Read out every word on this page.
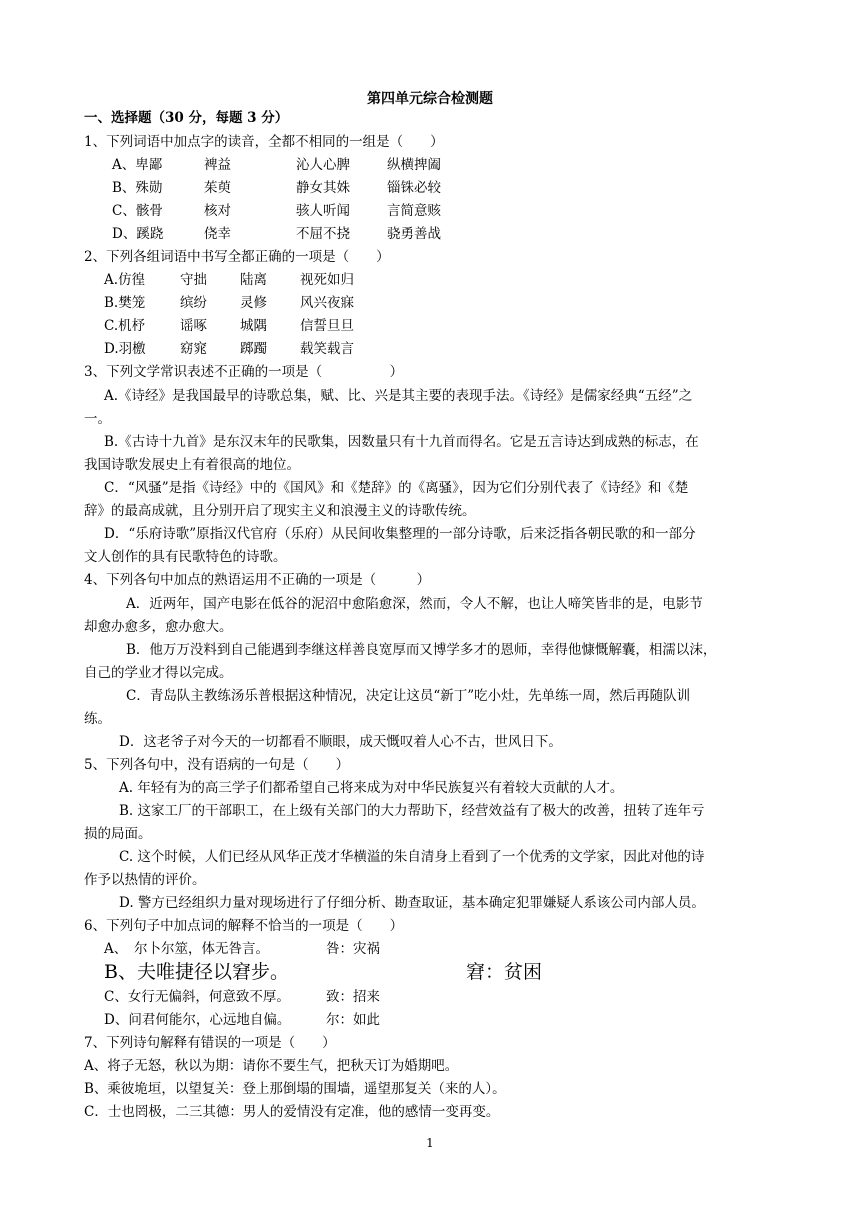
第四单元综合检测题
一、选择题（30 分，每题 3 分）
1、下列词语中加点字的读音，全都不相同的一组是（　　）
A、卑鄙	裨益	沁人心脾	纵横捭阖
B、殊勋	茱萸	静女其姝	锱铢必较
C、骸骨	核对	骇人听闻	言简意赅
D、蹊跷	侥幸	不屈不挠	骁勇善战
2、下列各组词语中书写全都正确的一项是（　　）
A.仿徨	守拙 陆离 视死如归
B.樊笼	缤纷 灵修 风兴夜寐
C.机杼	谣啄 城隅 信誓旦旦
D.羽檄	窈窕 踯躅 载笑载言
3、下列文学常识表述不正确的一项是（　　　　　）
A.《诗经》是我国最早的诗歌总集，赋、比、兴是其主要的表现手法。《诗经》是儒家经典“五经”之
一。
B.《古诗十九首》是东汉末年的民歌集，因数量只有十九首而得名。它是五言诗达到成熟的标志，在
我国诗歌发展史上有着很高的地位。
C．“风骚”是指《诗经》中的《国风》和《楚辞》的《离骚》，因为它们分别代表了《诗经》和《楚
辞》的最高成就，且分别开启了现实主义和浪漫主义的诗歌传统。
D．“乐府诗歌”原指汉代官府（乐府）从民间收集整理的一部分诗歌，后来泛指各朝民歌的和一部分
文人创作的具有民歌特色的诗歌。
4、下列各句中加点的熟语运用不正确的一项是（　　　）
A．近两年，国产电影在低谷的泥沼中愈陷愈深，然而，令人不解，也让人啼笑皆非的是，电影节
却愈办愈多，愈办愈大。
B．他万万没料到自己能遇到李继这样善良宽厚而又博学多才的恩师，幸得他慷慨解囊，相濡以沫，
自己的学业才得以完成。
C．青岛队主教练汤乐普根据这种情况，决定让这员“新丁”吃小灶，先单练一周，然后再随队训
练。
D．这老爷子对今天的一切都看不顺眼，成天慨叹着人心不古，世风日下。
5、下列各句中，没有语病的一句是（　　）
A. 年轻有为的高三学子们都希望自己将来成为对中华民族复兴有着较大贡献的人才。
B. 这家工厂的干部职工，在上级有关部门的大力帮助下，经营效益有了极大的改善，扭转了连年亏
损的局面。
C. 这个时候，人们已经从风华正茂才华横溢的朱自清身上看到了一个优秀的文学家，因此对他的诗
作予以热情的评价。
D. 警方已经组织力量对现场进行了仔细分析、勘查取证，基本确定犯罪嫌疑人系该公司内部人员。
6、下列句子中加点词的解释不恰当的一项是（　　）
A、　尔卜尔筮，体无咎言。	咎：灾祸
B、夫唯捷径以窘步。	窘：贫困
C、女行无偏斜，何意致不厚。	致：招来
D、问君何能尔，心远地自偏。	尔：如此
7、下列诗句解释有错误的一项是（　　）
A、将子无怒，秋以为期：请你不要生气，把秋天订为婚期吧。
B、乘彼垝垣，以望复关：登上那倒塌的围墙，遥望那复关（来的人）。
C．士也罔极，二三其德：男人的爱情没有定准，他的感情一变再变。
1
